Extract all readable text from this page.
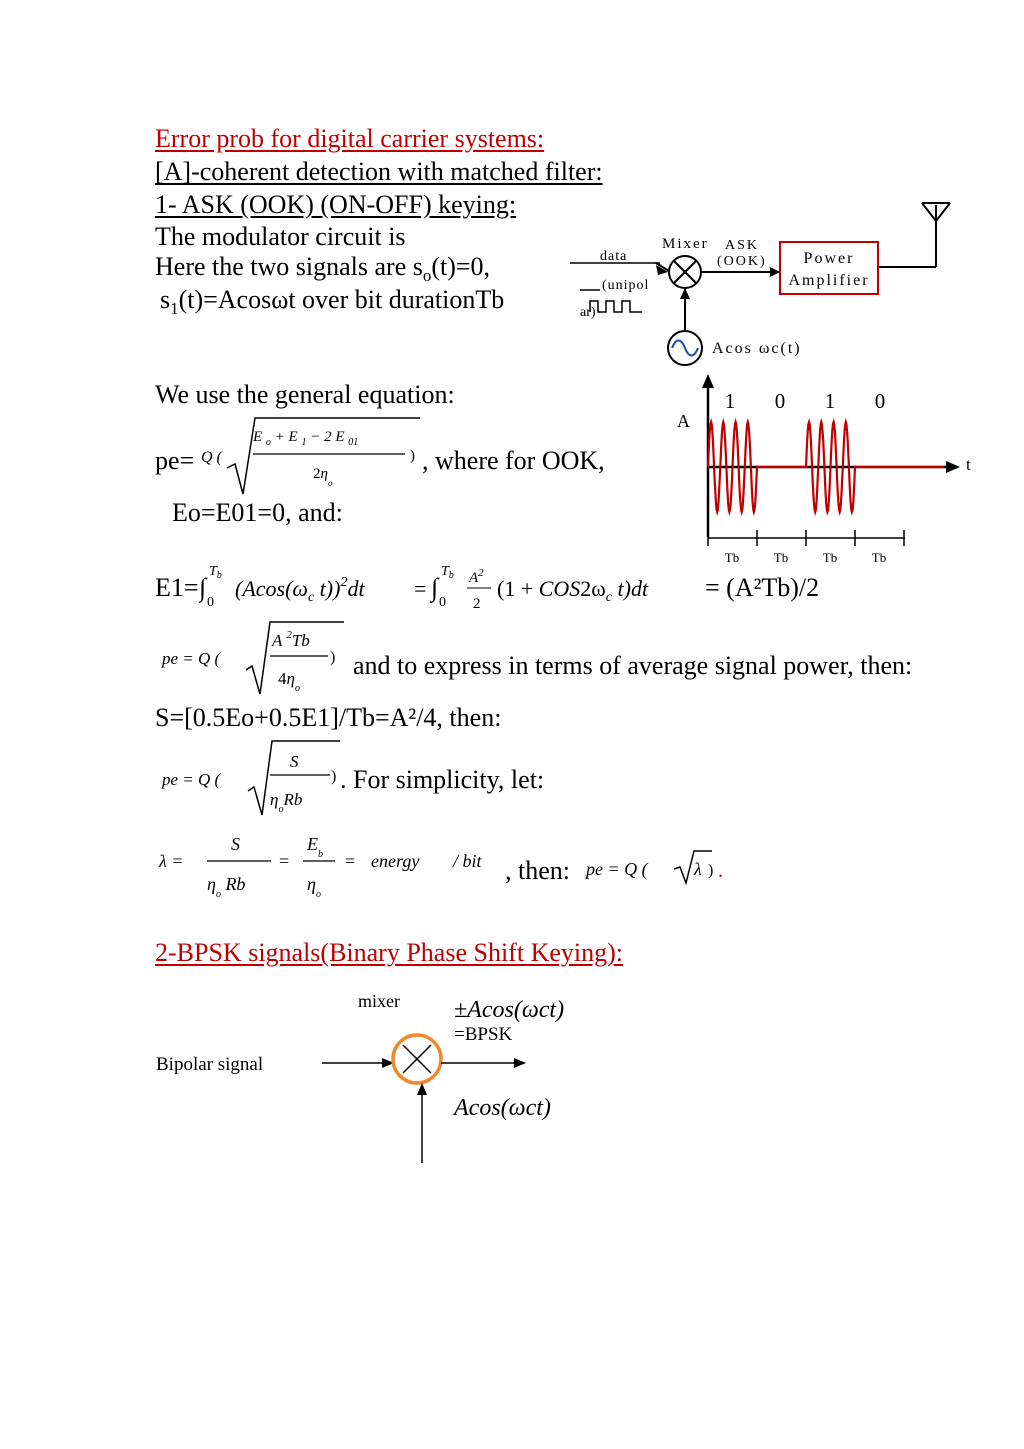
Error prob for digital carrier systems:
[A]-coherent detection with matched filter:
1- ASK (OOK) (ON-OFF) keying:
The modulator circuit is
Here the two signals are $s_o(t)=0$,
$s_1(t)=Acos\omega t$ over bit durationTb
Power
Amplifier
Mixer ASK
(OOK)
data
(unipol
ar)
Acos ωc(t)
We use the general equation:
pe= Q (
E $_o$ + E $_1$ − 2 E $_{01}$
)
$2\eta_o$
, where for OOK,
Eo=E01=0, and:
t
A
1 0 1 0
Tb	Tb	Tb	Tb
E1= ∫
$T_b$
0
($Acos(\omega_c$ t))$^2$dt = ∫
$T_b$
0
$A^2$
2
($1 + COS2\omega_c$ t)dt = (A²Tb)/2
pe = Q (
A $^2$Tb
)
$4\eta_o$
and to express in terms of average signal power, then:
S=[0.5Eo+0.5E1]/Tb=A²/4, then:
pe = Q (
S
)
$\eta_oRb$
. For simplicity, let:
λ =
S
$\eta_o$ Rb
=
$E_b$
$\eta_o$
= energy / bit , then: pe = Q (	λ ) .
2-BPSK signals(Binary Phase Shift Keying):
mixer ±Acos(ωct)
=BPSK
Bipolar signal
Acos(ωct)
